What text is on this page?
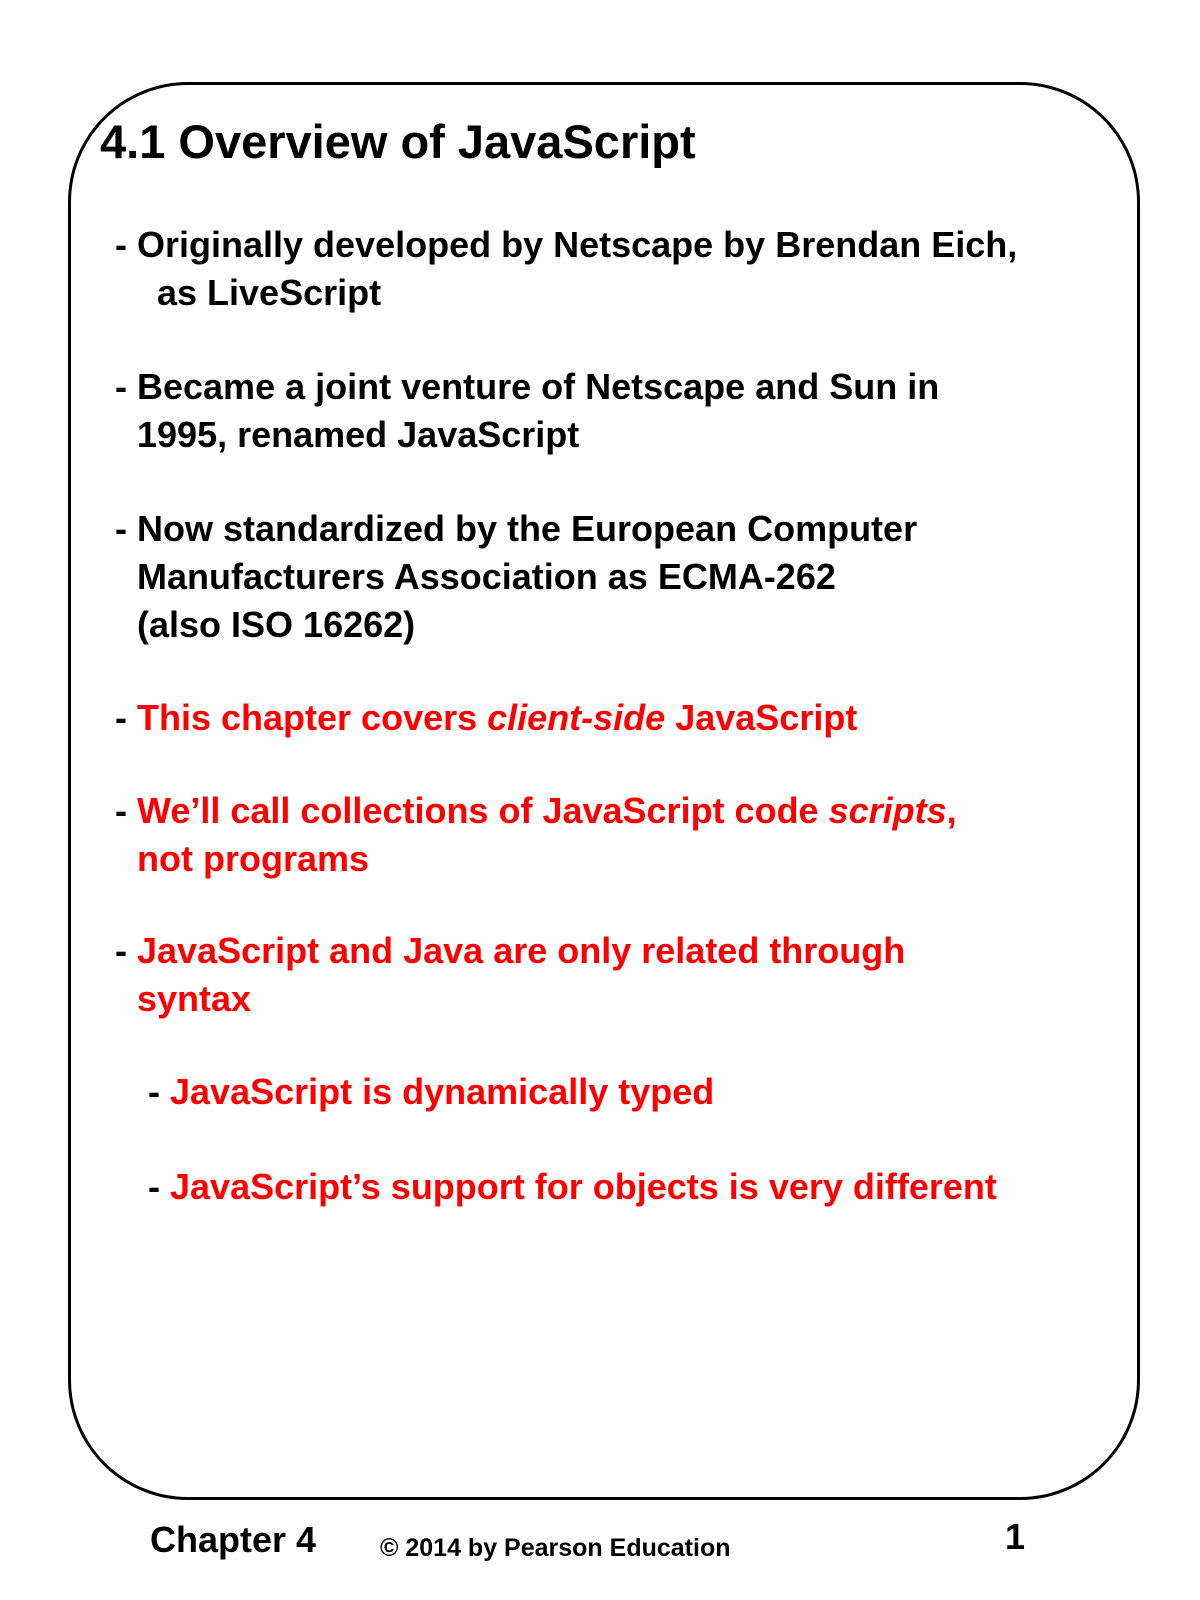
4.1 Overview of JavaScript

- Originally developed by Netscape by Brendan Eich,

as LiveScript

- Became a joint venture of Netscape and Sun in

1995, renamed JavaScript

- Now standardized by the European Computer

Manufacturers Association as ECMA-262

(also ISO 16262)

- This chapter covers client-side JavaScript

- We’ll call collections of JavaScript code scripts,

not programs

- JavaScript and Java are only related through

syntax

- JavaScript is dynamically typed

- JavaScript’s support for objects is very different

Chapter 4	© 2014 by Pearson Education	1
